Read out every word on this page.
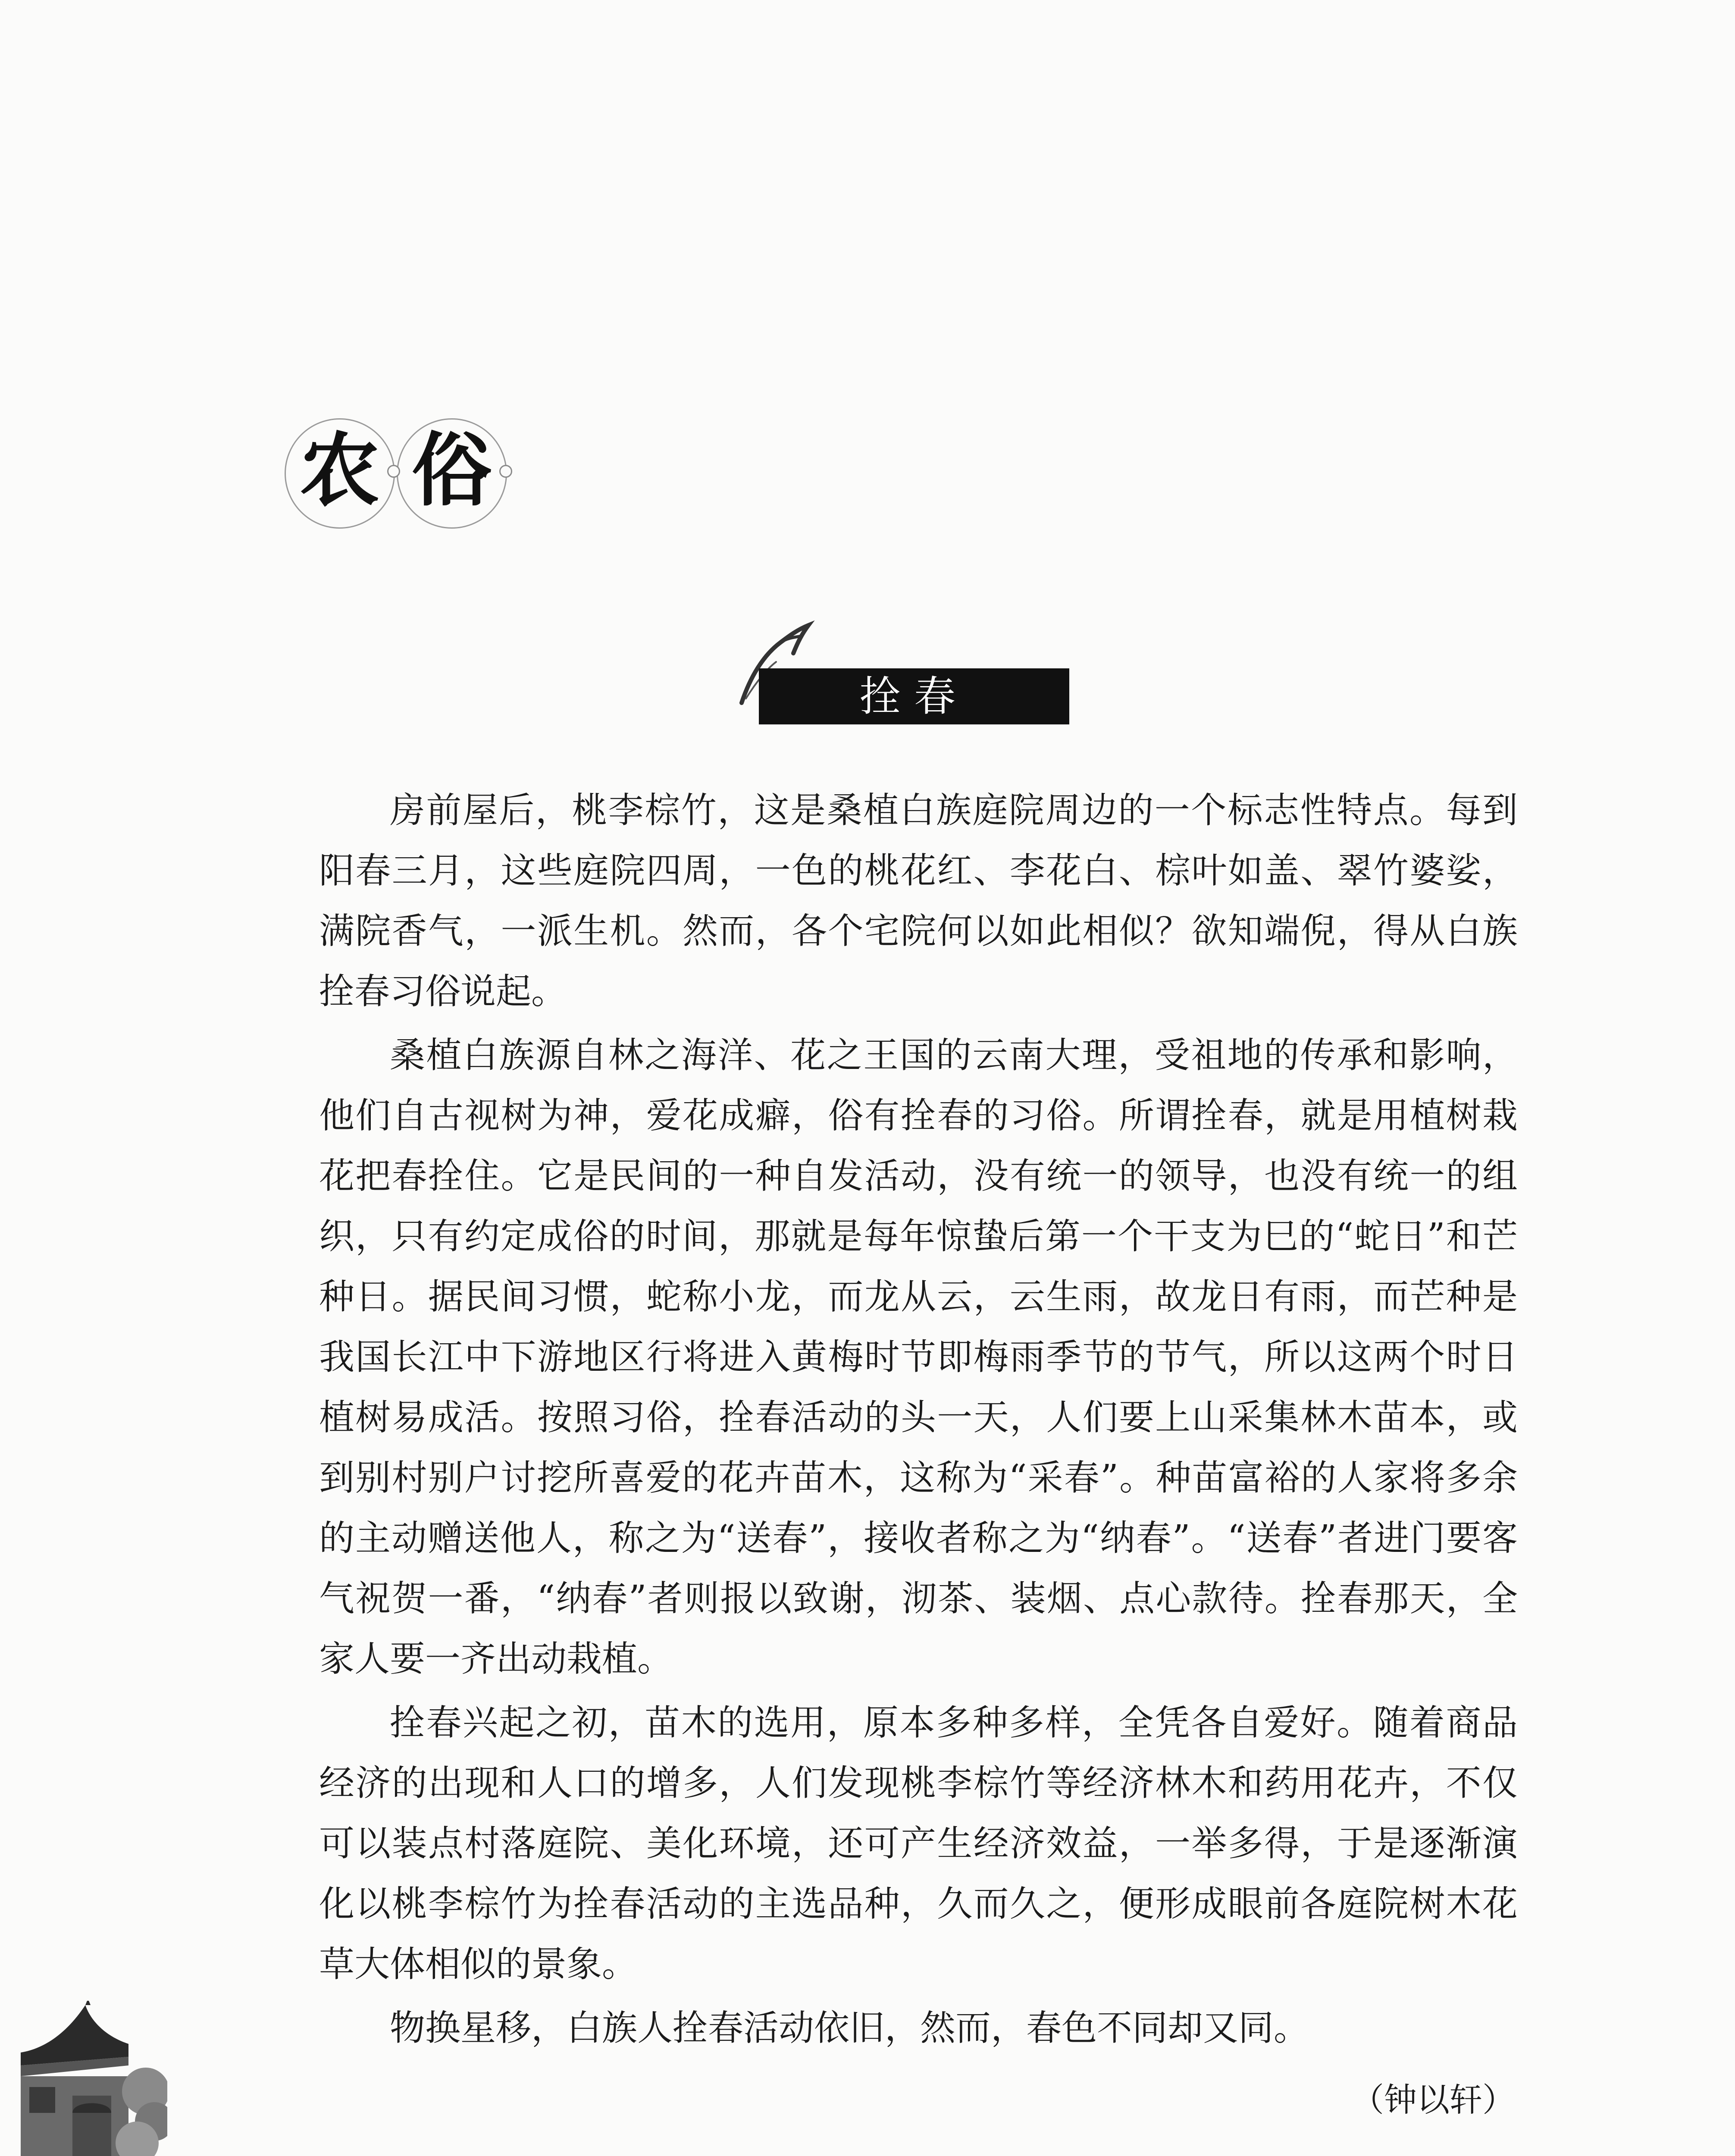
农 俗
拴春

房前屋后，桃李棕竹，这是桑植白族庭院周边的一个标志性特点。每到阳春三月，这些庭院四周，一色的桃花红、李花白、棕叶如盖、翠竹婆娑，满院香气，一派生机。然而，各个宅院何以如此相似？欲知端倪，得从白族拴春习俗说起。

桑植白族源自林之海洋、花之王国的云南大理，受祖地的传承和影响，他们自古视树为神，爱花成癖，俗有拴春的习俗。所谓拴春，就是用植树栽花把春拴住。它是民间的一种自发活动，没有统一的领导，也没有统一的组织，只有约定成俗的时间，那就是每年惊蛰后第一个干支为巳的“蛇日”和芒种日。据民间习惯，蛇称小龙，而龙从云，云生雨，故龙日有雨，而芒种是我国长江中下游地区行将进入黄梅时节即梅雨季节的节气，所以这两个时日植树易成活。按照习俗，拴春活动的头一天，人们要上山采集林木苗本，或到别村别户讨挖所喜爱的花卉苗木，这称为“采春”。种苗富裕的人家将多余的主动赠送他人，称之为“送春”，接收者称之为“纳春”。“送春”者进门要客气祝贺一番，“纳春”者则报以致谢，沏茶、装烟、点心款待。拴春那天，全家人要一齐出动栽植。

拴春兴起之初，苗木的选用，原本多种多样，全凭各自爱好。随着商品经济的出现和人口的增多，人们发现桃李棕竹等经济林木和药用花卉，不仅可以装点村落庭院、美化环境，还可产生经济效益，一举多得，于是逐渐演化以桃李棕竹为拴春活动的主选品种，久而久之，便形成眼前各庭院树木花草大体相似的景象。

物换星移，白族人拴春活动依旧，然而，春色不同却又同。

（钟以轩）
